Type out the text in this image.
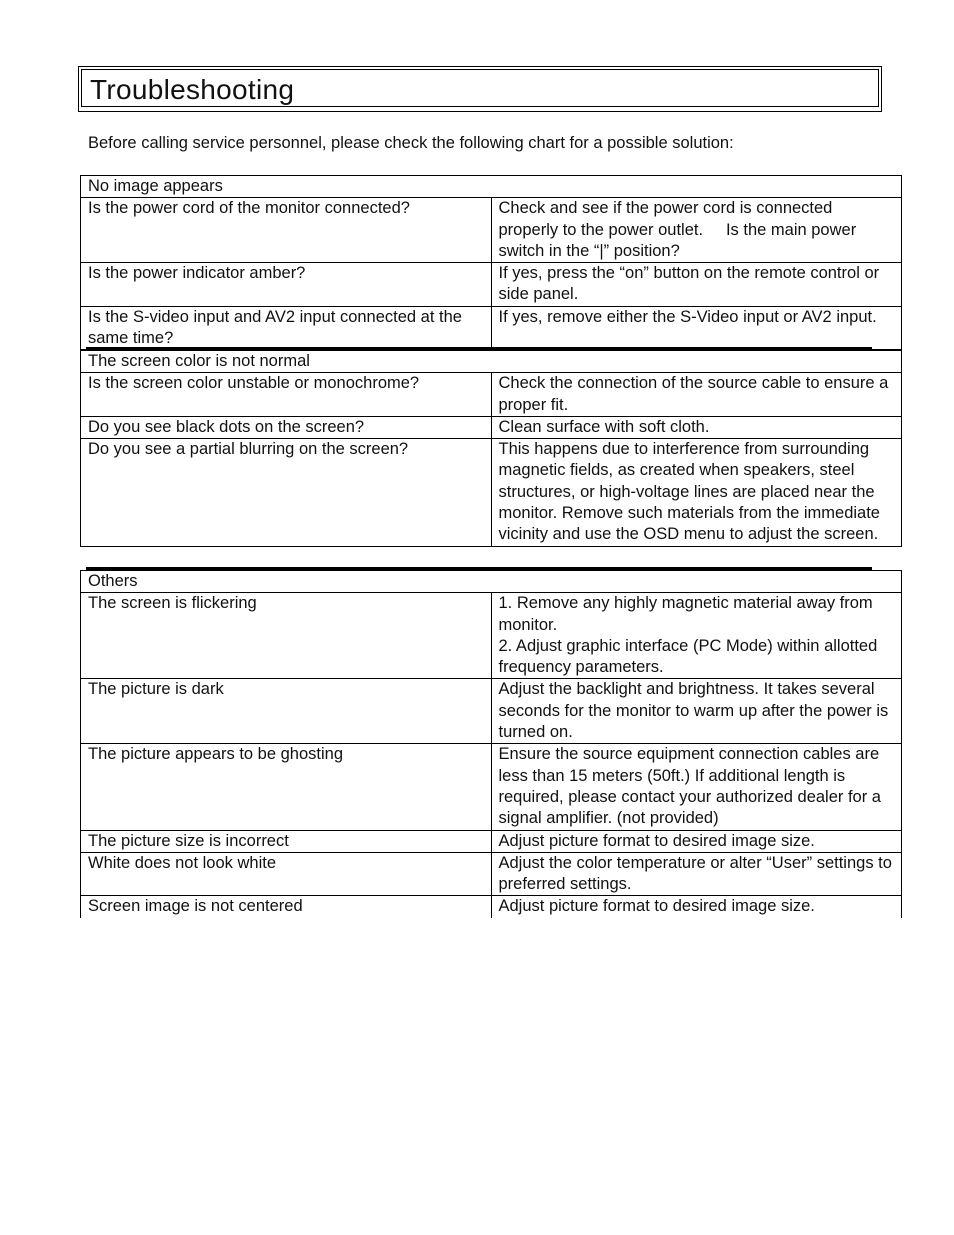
Troubleshooting
Before calling service personnel, please check the following chart for a possible solution:
No image appears	
Is the power cord of the monitor connected?	Check and see if the power cord is connected properly to the power outlet.     Is the main power switch in the “|” position?
Is the power indicator amber?	If yes, press the “on” button on the remote control or side panel.
Is the S-video input and AV2 input connected at the same time?	If yes, remove either the S-Video input or AV2 input.
The screen color is not normal	
Is the screen color unstable or monochrome?	Check the connection of the source cable to ensure a proper fit.
Do you see black dots on the screen?	Clean surface with soft cloth.
Do you see a partial blurring on the screen?	This happens due to interference from surrounding magnetic fields, as created when speakers, steel structures, or high-voltage lines are placed near the monitor. Remove such materials from the immediate vicinity and use the OSD menu to adjust the screen.
Others	
The screen is flickering	1. Remove any highly magnetic material away from monitor.
2. Adjust graphic interface (PC Mode) within allotted frequency parameters.

The picture is dark	Adjust the backlight and brightness. It takes several seconds for the monitor to warm up after the power is turned on.
The picture appears to be ghosting	Ensure the source equipment connection cables are less than 15 meters (50ft.) If additional length is required, please contact your authorized dealer for a signal amplifier. (not provided)
The picture size is incorrect	Adjust picture format to desired image size.
White does not look white	Adjust the color temperature or alter “User” settings to preferred settings.
Screen image is not centered	Adjust picture format to desired image size.
